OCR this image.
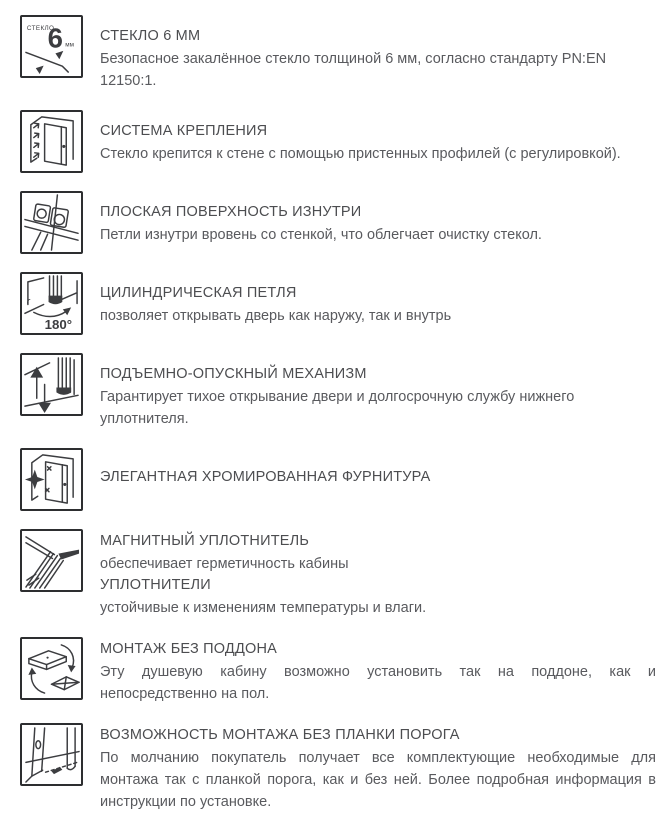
СТЕКЛО
6 мм
СТЕКЛО 6 ММ

Безопасное закалённое стекло толщиной 6 мм, согласно стандарту PN:EN 12150:1.

СИСТЕМА КРЕПЛЕНИЯ

Стекло крепится к стене с помощью пристенных профилей (с регулировкой).

ПЛОСКАЯ ПОВЕРХНОСТЬ ИЗНУТРИ

Петли изнутри вровень со стенкой, что облегчает очистку стекол.

r
180°
ЦИЛИНДРИЧЕСКАЯ ПЕТЛЯ

позволяет открывать дверь как наружу, так и внутрь

ПОДЪЕМНО-ОПУСКНЫЙ МЕХАНИЗМ

Гарантирует тихое открывание двери и долгосрочную службу нижнего уплотнителя.

ЭЛЕГАНТНАЯ ХРОМИРОВАННАЯ ФУРНИТУРА
МАГНИТНЫЙ УПЛОТНИТЕЛЬ

обеспечивает герметичность кабины

УПЛОТНИТЕЛИ

устойчивые к изменениям температуры и влаги.

МОНТАЖ БЕЗ ПОДДОНА

Эту душевую кабину возможно установить так на поддоне, как и непосредственно на пол.

ВОЗМОЖНОСТЬ МОНТАЖА БЕЗ ПЛАНКИ ПОРОГА

По молчанию покупатель получает все комплектующие необходимые для монтажа так с планкой порога, как и без ней. Более подробная информация в инструкции по установке.
